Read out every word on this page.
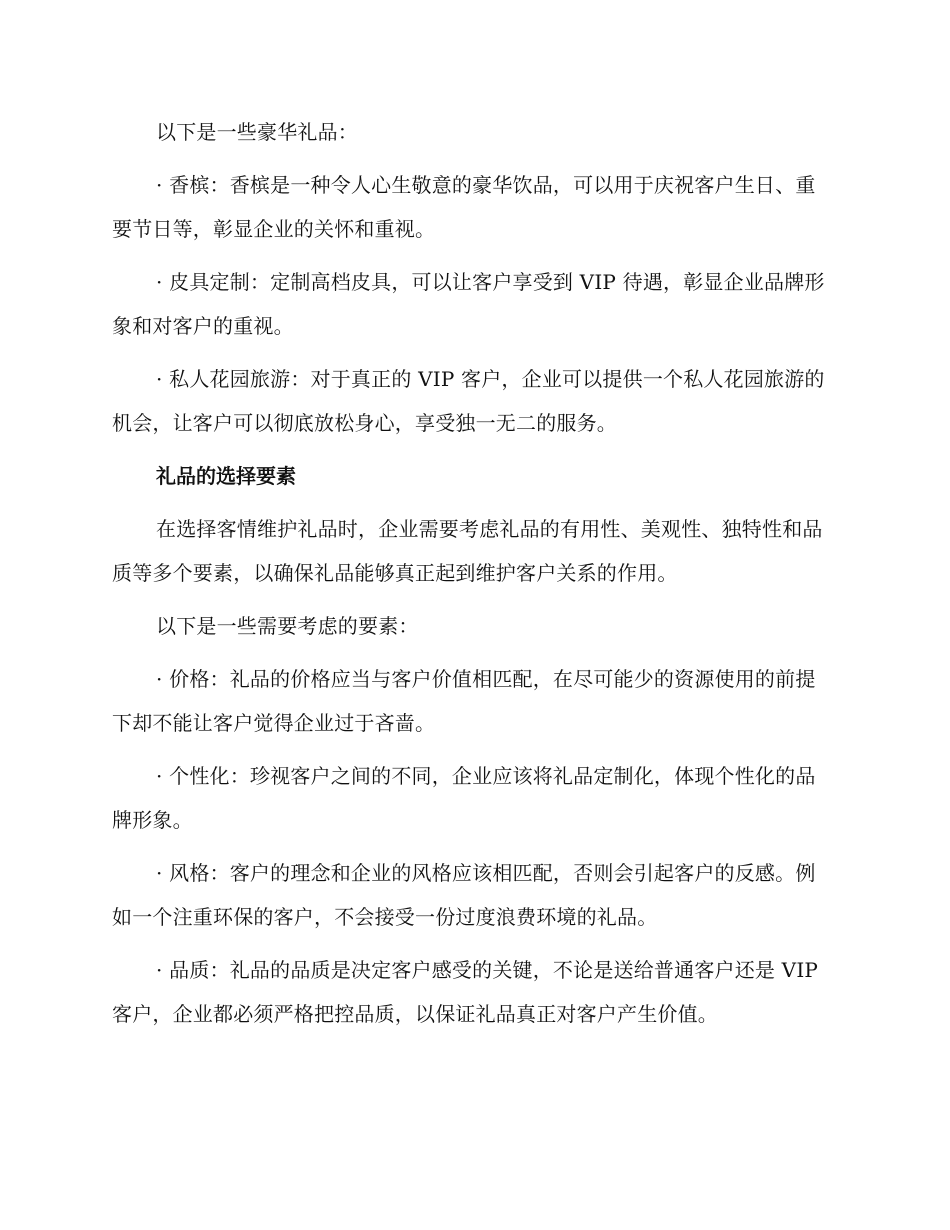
以下是一些豪华礼品：

· 香槟：香槟是一种令人心生敬意的豪华饮品，可以用于庆祝客户生日、重要节日等，彰显企业的关怀和重视。

· 皮具定制：定制高档皮具，可以让客户享受到 VIP 待遇，彰显企业品牌形象和对客户的重视。

· 私人花园旅游：对于真正的 VIP 客户，企业可以提供一个私人花园旅游的机会，让客户可以彻底放松身心，享受独一无二的服务。

礼品的选择要素

在选择客情维护礼品时，企业需要考虑礼品的有用性、美观性、独特性和品质等多个要素，以确保礼品能够真正起到维护客户关系的作用。

以下是一些需要考虑的要素：

· 价格：礼品的价格应当与客户价值相匹配，在尽可能少的资源使用的前提下却不能让客户觉得企业过于吝啬。

· 个性化：珍视客户之间的不同，企业应该将礼品定制化，体现个性化的品牌形象。

· 风格：客户的理念和企业的风格应该相匹配，否则会引起客户的反感。例如一个注重环保的客户，不会接受一份过度浪费环境的礼品。

· 品质：礼品的品质是决定客户感受的关键，不论是送给普通客户还是 VIP 客户，企业都必须严格把控品质，以保证礼品真正对客户产生价值。
